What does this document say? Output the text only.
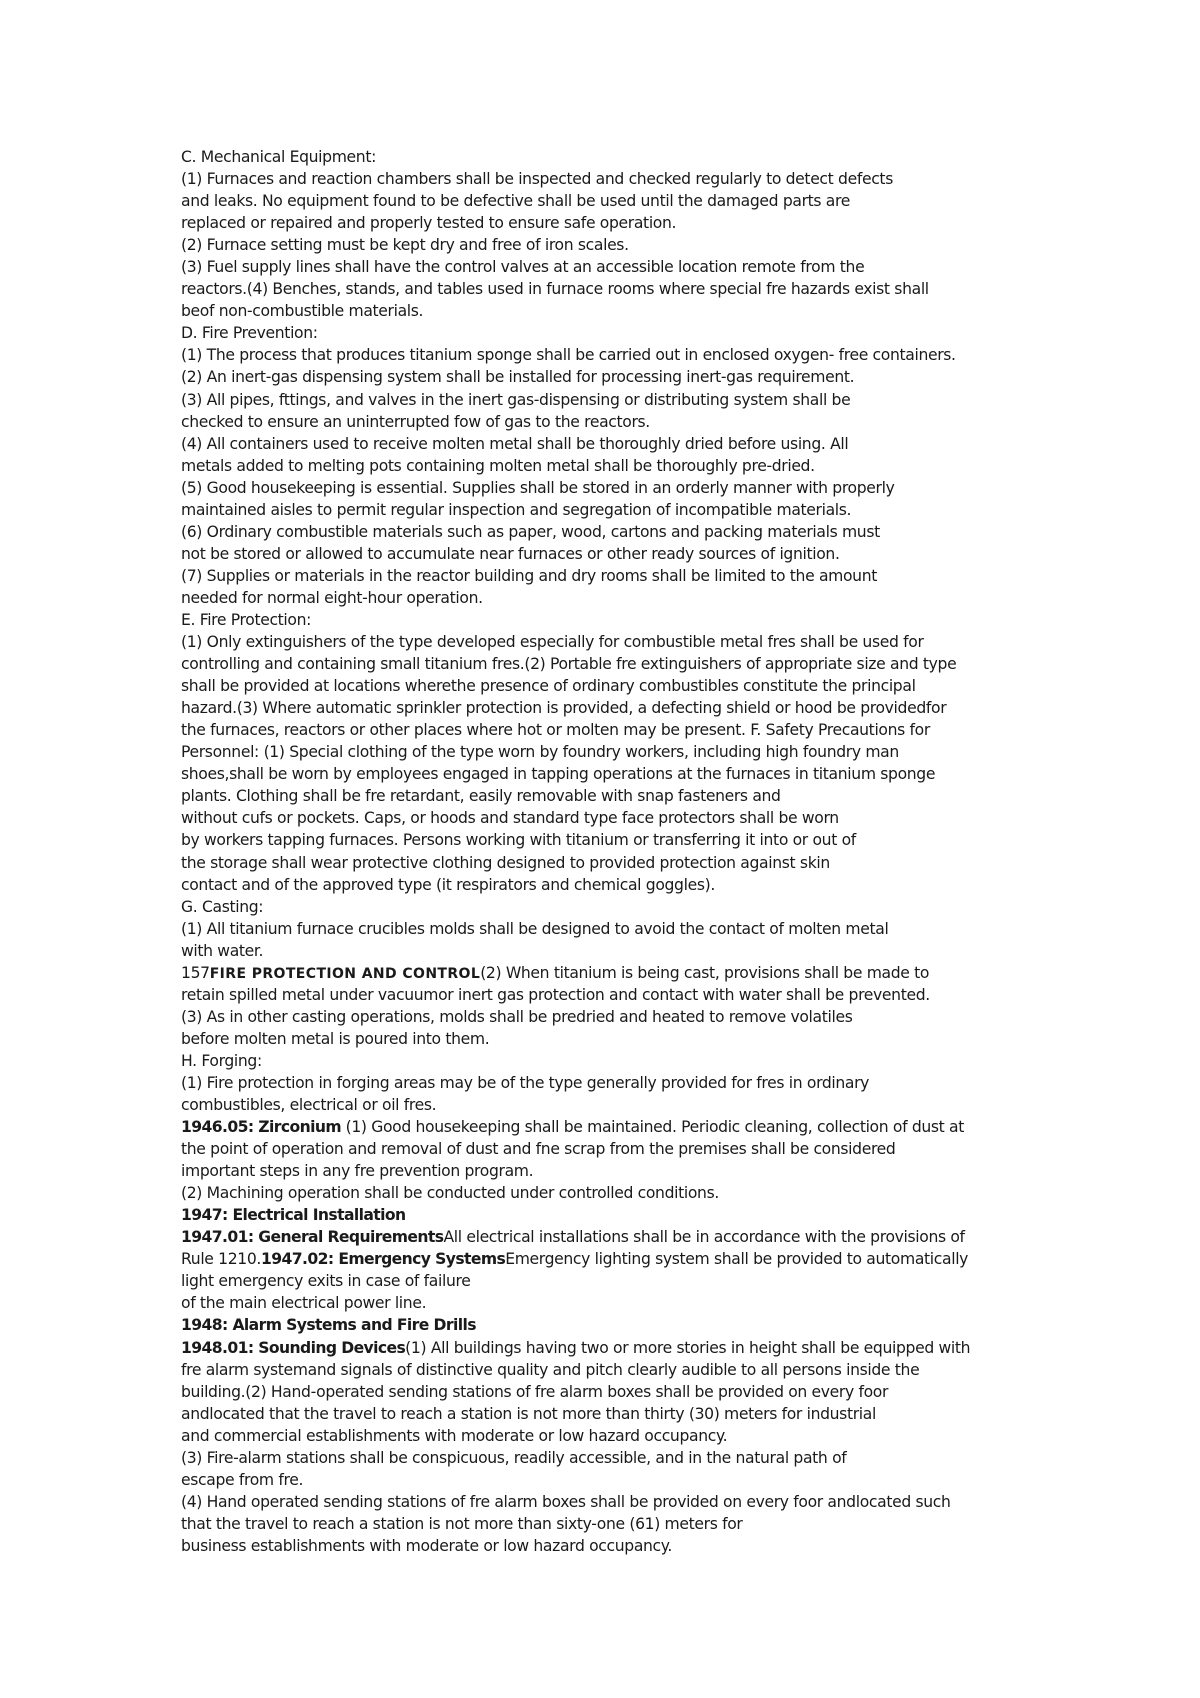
C. Mechanical Equipment:
(1) Furnaces and reaction chambers shall be inspected and checked regularly to detect defects
and leaks. No equipment found to be defective shall be used until the damaged parts are
replaced or repaired and properly tested to ensure safe operation.
(2) Furnace setting must be kept dry and free of iron scales.
(3) Fuel supply lines shall have the control valves at an accessible location remote from the
reactors.(4) Benches, stands, and tables used in furnace rooms where special fre hazards exist shall
beof non-combustible materials.
D. Fire Prevention:
(1) The process that produces titanium sponge shall be carried out in enclosed oxygen- free containers.
(2) An inert-gas dispensing system shall be installed for processing inert-gas requirement.
(3) All pipes, fttings, and valves in the inert gas-dispensing or distributing system shall be
checked to ensure an uninterrupted fow of gas to the reactors.
(4) All containers used to receive molten metal shall be thoroughly dried before using. All
metals added to melting pots containing molten metal shall be thoroughly pre-dried.
(5) Good housekeeping is essential. Supplies shall be stored in an orderly manner with properly
maintained aisles to permit regular inspection and segregation of incompatible materials.
(6) Ordinary combustible materials such as paper, wood, cartons and packing materials must
not be stored or allowed to accumulate near furnaces or other ready sources of ignition.
(7) Supplies or materials in the reactor building and dry rooms shall be limited to the amount
needed for normal eight-hour operation.
E. Fire Protection:
(1) Only extinguishers of the type developed especially for combustible metal fres shall be used for
controlling and containing small titanium fres.(2) Portable fre extinguishers of appropriate size and type
shall be provided at locations wherethe presence of ordinary combustibles constitute the principal
hazard.(3) Where automatic sprinkler protection is provided, a defecting shield or hood be providedfor
the furnaces, reactors or other places where hot or molten may be present. F. Safety Precautions for
Personnel: (1) Special clothing of the type worn by foundry workers, including high foundry man
shoes,shall be worn by employees engaged in tapping operations at the furnaces in titanium sponge
plants. Clothing shall be fre retardant, easily removable with snap fasteners and
without cufs or pockets. Caps, or hoods and standard type face protectors shall be worn
by workers tapping furnaces. Persons working with titanium or transferring it into or out of
the storage shall wear protective clothing designed to provided protection against skin
contact and of the approved type (it respirators and chemical goggles).
G. Casting:
(1) All titanium furnace crucibles molds shall be designed to avoid the contact of molten metal
with water.
157FIRE PROTECTION AND CONTROL(2) When titanium is being cast, provisions shall be made to
retain spilled metal under vacuumor inert gas protection and contact with water shall be prevented.
(3) As in other casting operations, molds shall be predried and heated to remove volatiles
before molten metal is poured into them.
H. Forging:
(1) Fire protection in forging areas may be of the type generally provided for fres in ordinary
combustibles, electrical or oil fres.
1946.05: Zirconium (1) Good housekeeping shall be maintained. Periodic cleaning, collection of dust at
the point of operation and removal of dust and fne scrap from the premises shall be considered
important steps in any fre prevention program.
(2) Machining operation shall be conducted under controlled conditions.
1947: Electrical Installation
1947.01: General RequirementsAll electrical installations shall be in accordance with the provisions of
Rule 1210.1947.02: Emergency SystemsEmergency lighting system shall be provided to automatically
light emergency exits in case of failure
of the main electrical power line.
1948: Alarm Systems and Fire Drills
1948.01: Sounding Devices(1) All buildings having two or more stories in height shall be equipped with
fre alarm systemand signals of distinctive quality and pitch clearly audible to all persons inside the
building.(2) Hand-operated sending stations of fre alarm boxes shall be provided on every foor
andlocated that the travel to reach a station is not more than thirty (30) meters for industrial
and commercial establishments with moderate or low hazard occupancy.
(3) Fire-alarm stations shall be conspicuous, readily accessible, and in the natural path of
escape from fre.
(4) Hand operated sending stations of fre alarm boxes shall be provided on every foor andlocated such
that the travel to reach a station is not more than sixty-one (61) meters for
business establishments with moderate or low hazard occupancy.
